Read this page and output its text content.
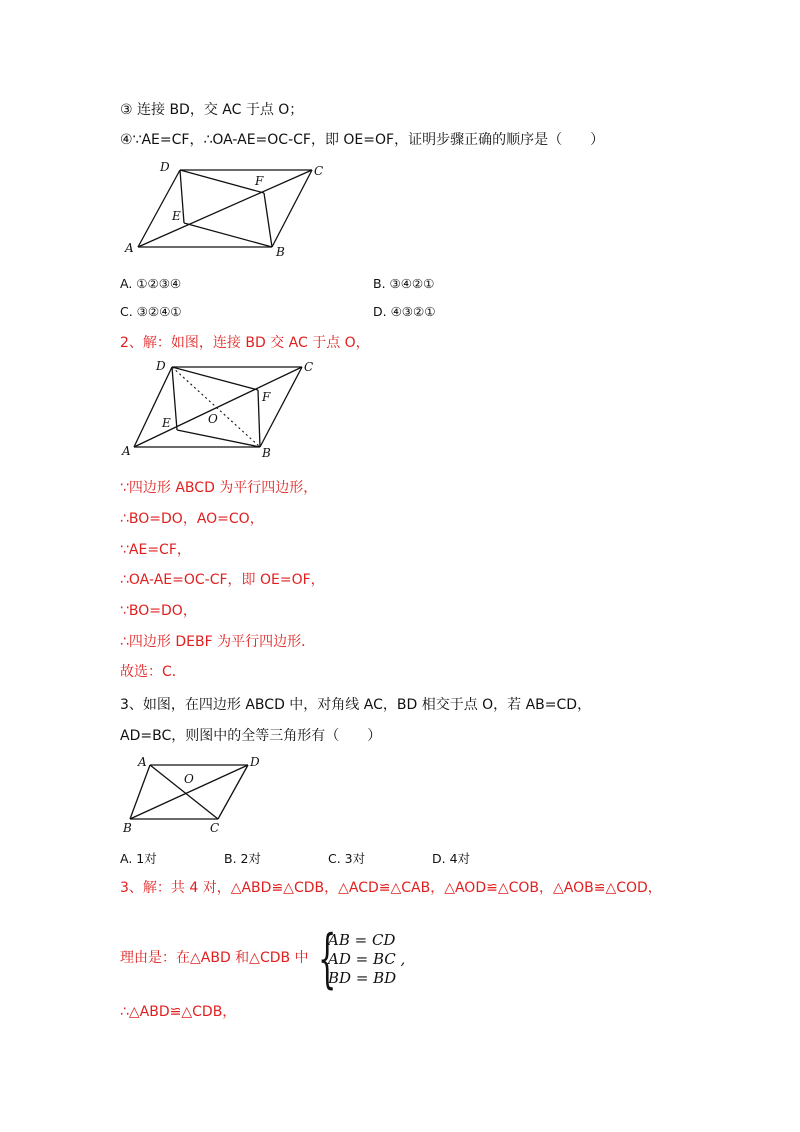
③ 连接 BD，交 AC 于点 O；
④∵AE=CF，∴OA-AE=OC-CF，即 OE=OF，证明步骤正确的顺序是（　　）
D	C
F
E
A	B
A. ①②③④	B. ③④②①
C. ③②④①	D. ④③②①
2、解：如图，连接 BD 交 AC 于点 O，
D	C
F
O
E
A	B
∵四边形 ABCD 为平行四边形，
∴BO=DO，AO=CO，
∵AE=CF，
∴OA-AE=OC-CF，即 OE=OF，
∵BO=DO，
∴四边形 DEBF 为平行四边形．
故选：C．
3、如图，在四边形 ABCD 中，对角线 AC，BD 相交于点 O，若 AB=CD，
AD=BC，则图中的全等三角形有（　　）
A	D
O
B	C
A. 1对	B. 2对	C. 3对	D. 4对
3、解：共 4 对，△ABD≌△CDB，△ACD≌△CAB，△AOD≌△COB，△AOB≌△COD，
理由是：在△ABD 和△CDB 中 {
AB = CD
AD = BC ,
BD = BD
∴△ABD≌△CDB，
